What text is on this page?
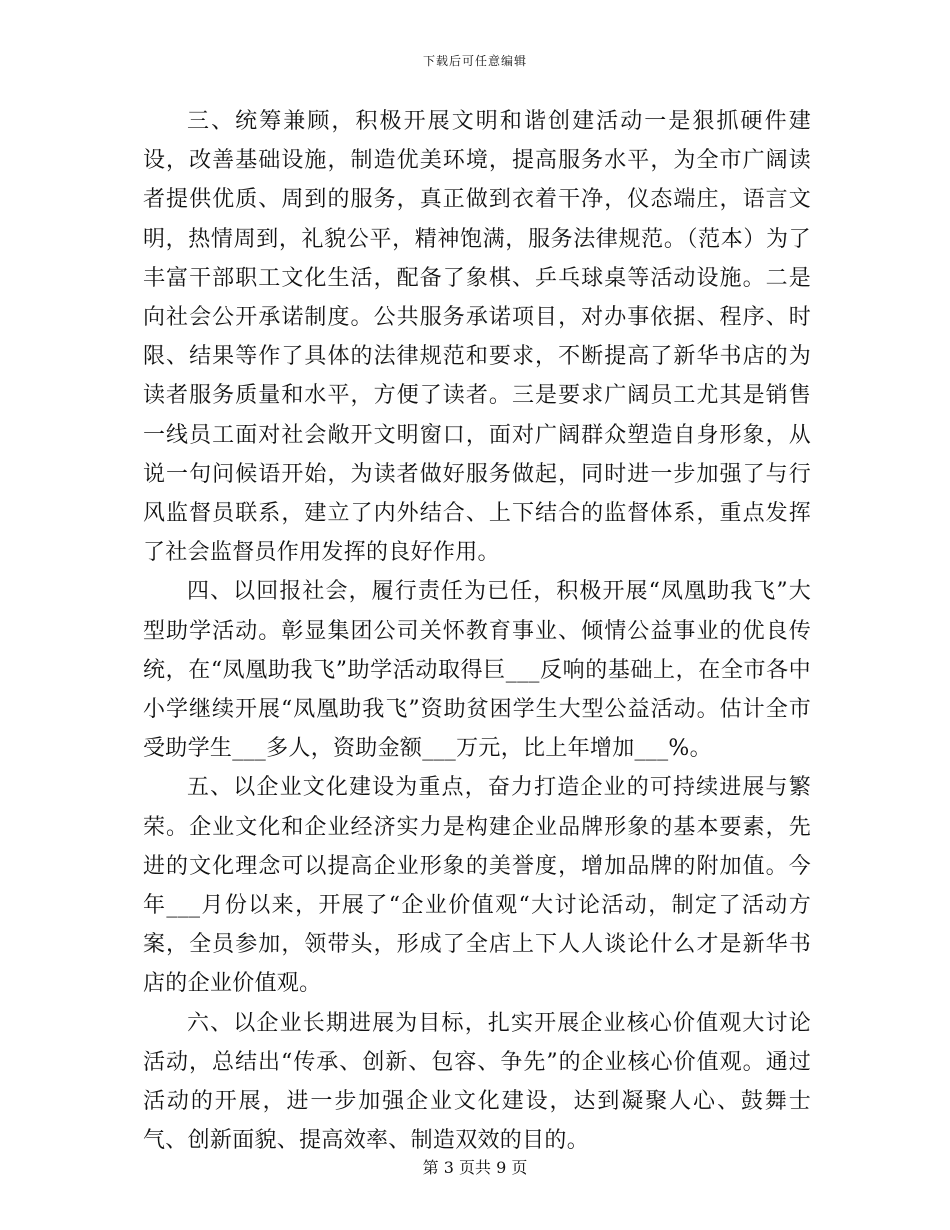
下载后可任意编辑

三、统筹兼顾，积极开展文明和谐创建活动一是狠抓硬件建设，改善基础设施，制造优美环境，提高服务水平，为全市广阔读者提供优质、周到的服务，真正做到衣着干净，仪态端庄，语言文明，热情周到，礼貌公平，精神饱满，服务法律规范。（范本）为了丰富干部职工文化生活，配备了象棋、乒乓球桌等活动设施。二是向社会公开承诺制度。公共服务承诺项目，对办事依据、程序、时限、结果等作了具体的法律规范和要求，不断提高了新华书店的为读者服务质量和水平，方便了读者。三是要求广阔员工尤其是销售一线员工面对社会敞开文明窗口，面对广阔群众塑造自身形象，从说一句问候语开始，为读者做好服务做起，同时进一步加强了与行风监督员联系，建立了内外结合、上下结合的监督体系，重点发挥了社会监督员作用发挥的良好作用。

四、以回报社会，履行责任为已任，积极开展“凤凰助我飞”大型助学活动。彰显集团公司关怀教育事业、倾情公益事业的优良传统，在“凤凰助我飞”助学活动取得巨___反响的基础上，在全市各中小学继续开展“凤凰助我飞”资助贫困学生大型公益活动。估计全市受助学生___多人，资助金额___万元，比上年增加___%。

五、以企业文化建设为重点，奋力打造企业的可持续进展与繁荣。企业文化和企业经济实力是构建企业品牌形象的基本要素，先进的文化理念可以提高企业形象的美誉度，增加品牌的附加值。今年___月份以来，开展了“企业价值观“大讨论活动，制定了活动方案，全员参加，领带头，形成了全店上下人人谈论什么才是新华书店的企业价值观。

六、以企业长期进展为目标，扎实开展企业核心价值观大讨论活动，总结出“传承、创新、包容、争先”的企业核心价值观。通过活动的开展，进一步加强企业文化建设，达到凝聚人心、鼓舞士气、创新面貌、提高效率、制造双效的目的。

第 3 页共 9 页
